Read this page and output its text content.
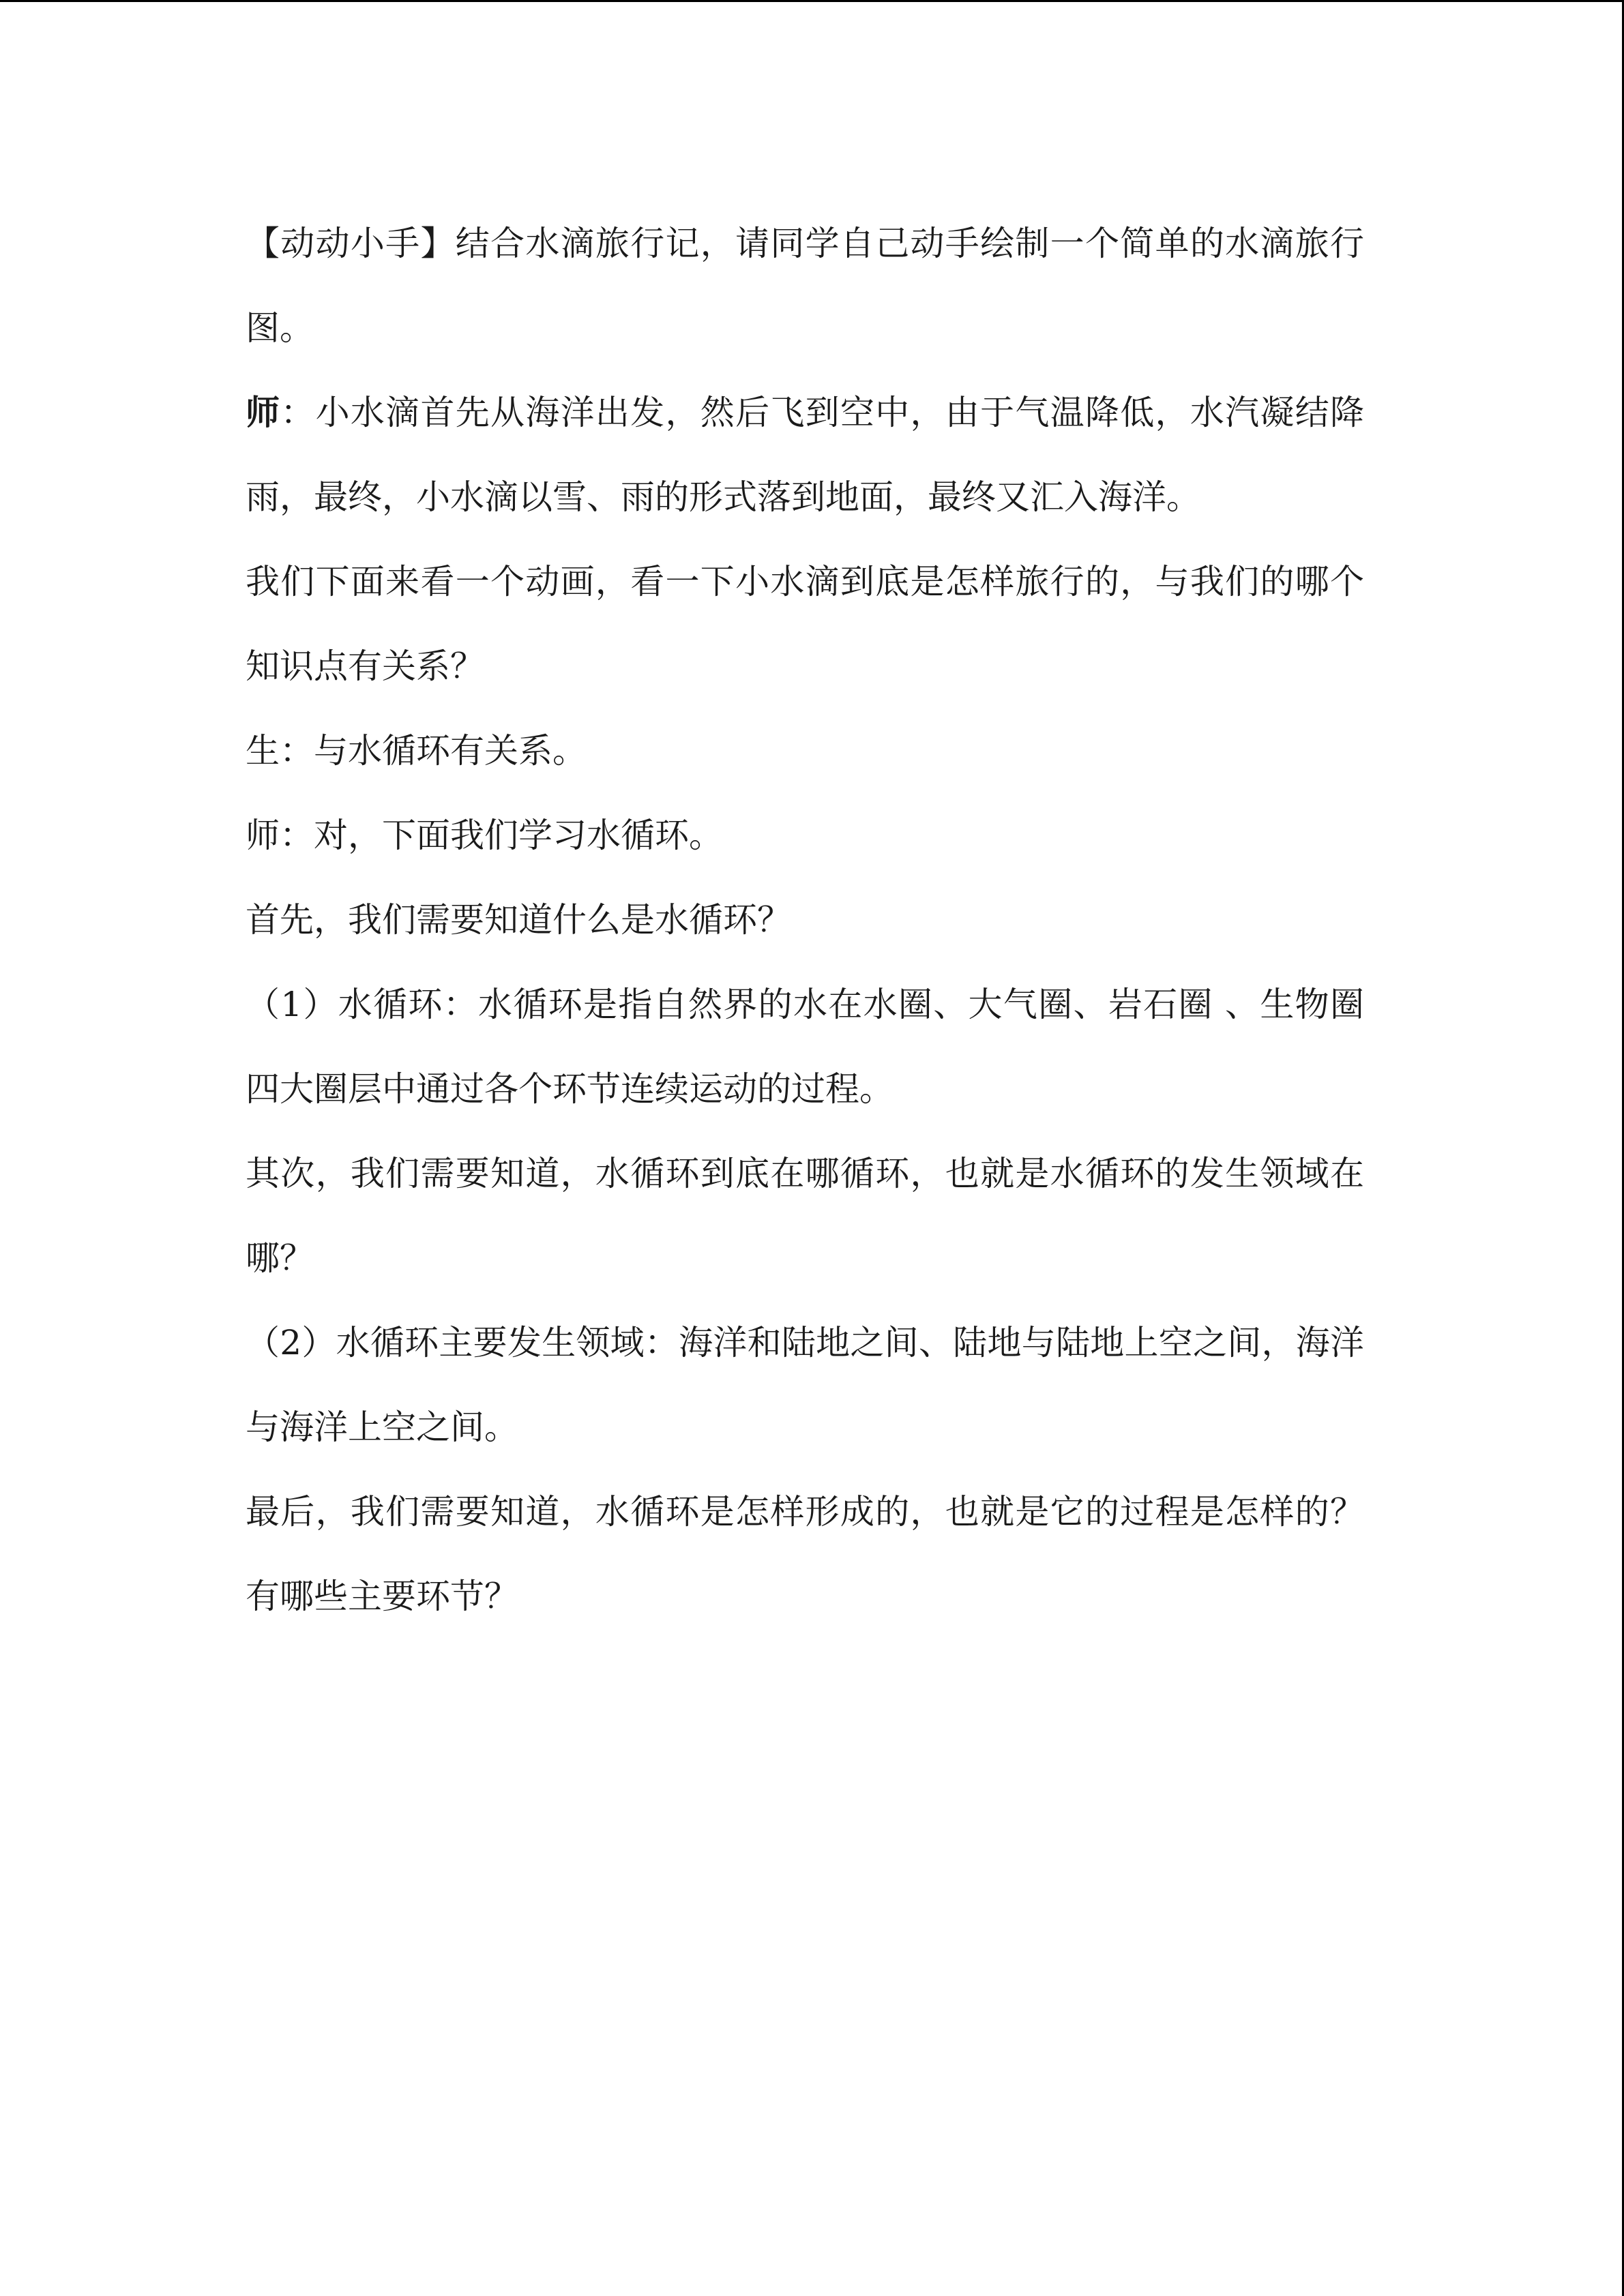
【动动小手】结合水滴旅行记，请同学自己动手绘制一个简单的水滴旅行图。

师：小水滴首先从海洋出发，然后飞到空中，由于气温降低，水汽凝结降雨，最终，小水滴以雪、雨的形式落到地面，最终又汇入海洋。

我们下面来看一个动画，看一下小水滴到底是怎样旅行的，与我们的哪个知识点有关系？

生：与水循环有关系。

师：对，下面我们学习水循环。

首先，我们需要知道什么是水循环？

（1）水循环：水循环是指自然界的水在水圈、大气圈、岩石圈 、生物圈四大圈层中通过各个环节连续运动的过程。

其次，我们需要知道，水循环到底在哪循环，也就是水循环的发生领域在哪？

（2）水循环主要发生领域：海洋和陆地之间、陆地与陆地上空之间，海洋与海洋上空之间。

最后，我们需要知道，水循环是怎样形成的，也就是它的过程是怎样的？有哪些主要环节？
